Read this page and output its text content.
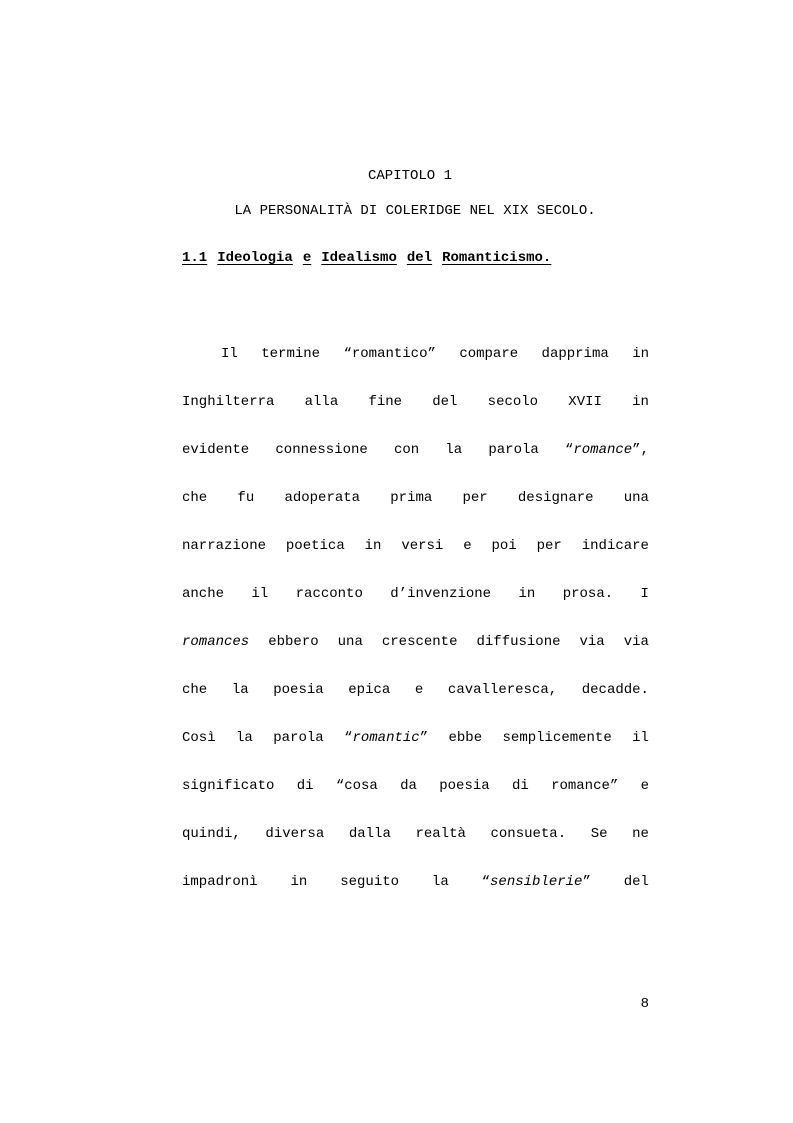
CAPITOLO 1
LA PERSONALITÀ DI COLERIDGE NEL XIX SECOLO.
1.1 Ideologia e Idealismo del Romanticismo.
Il termine “romantico” compare dapprima in
Inghilterra alla fine del secolo XVII in
evidente connessione con la parola “romance”,
che fu adoperata prima per designare una
narrazione poetica in versi e poi per indicare
anche il racconto d’invenzione in prosa. I
romances ebbero una crescente diffusione via via
che la poesia epica e cavalleresca, decadde.
Così la parola “romantic” ebbe semplicemente il
significato di “cosa da poesia di romance” e
quindi, diversa dalla realtà consueta. Se ne
impadronì in seguito la “sensiblerie” del
8
